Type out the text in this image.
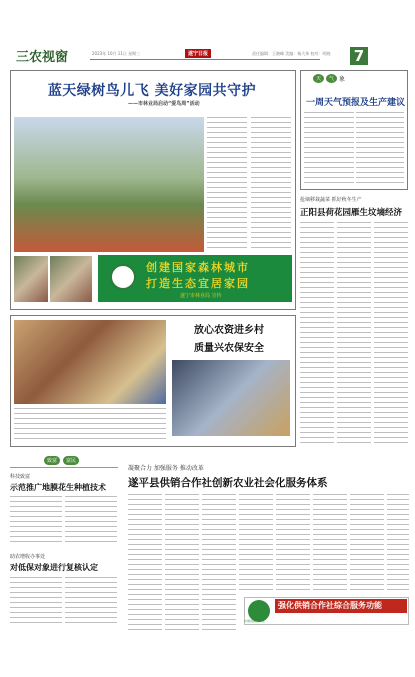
三农视窗	2023年 10月 11日 星期三	遂宁日报	责任编辑：王晓峰 美编：杨大伟 校对：明晓 7
蓝天绿树鸟儿飞 美好家园共守护
——市林业局启动“爱鸟周”活动
创建国家森林城市
打造生态宜居家园
遂宁市林业局 宣传
天	气 象
一周天气预报及生产建议
抢墒移栽蔬菜 抓好秋冬生产
正阳县荷花园雁生坟墒经济
放心农资进乡村
质量兴农保安全
致富	富民
科技致富
示范推广地膜花生种植技术
助农增收办事处
对低保对象进行复核认定
凝聚合力 加强服务 推动改革
遂平县供销合作社创新农业社会化服务体系
中国供销合作社
强化供销合作社综合服务功能
